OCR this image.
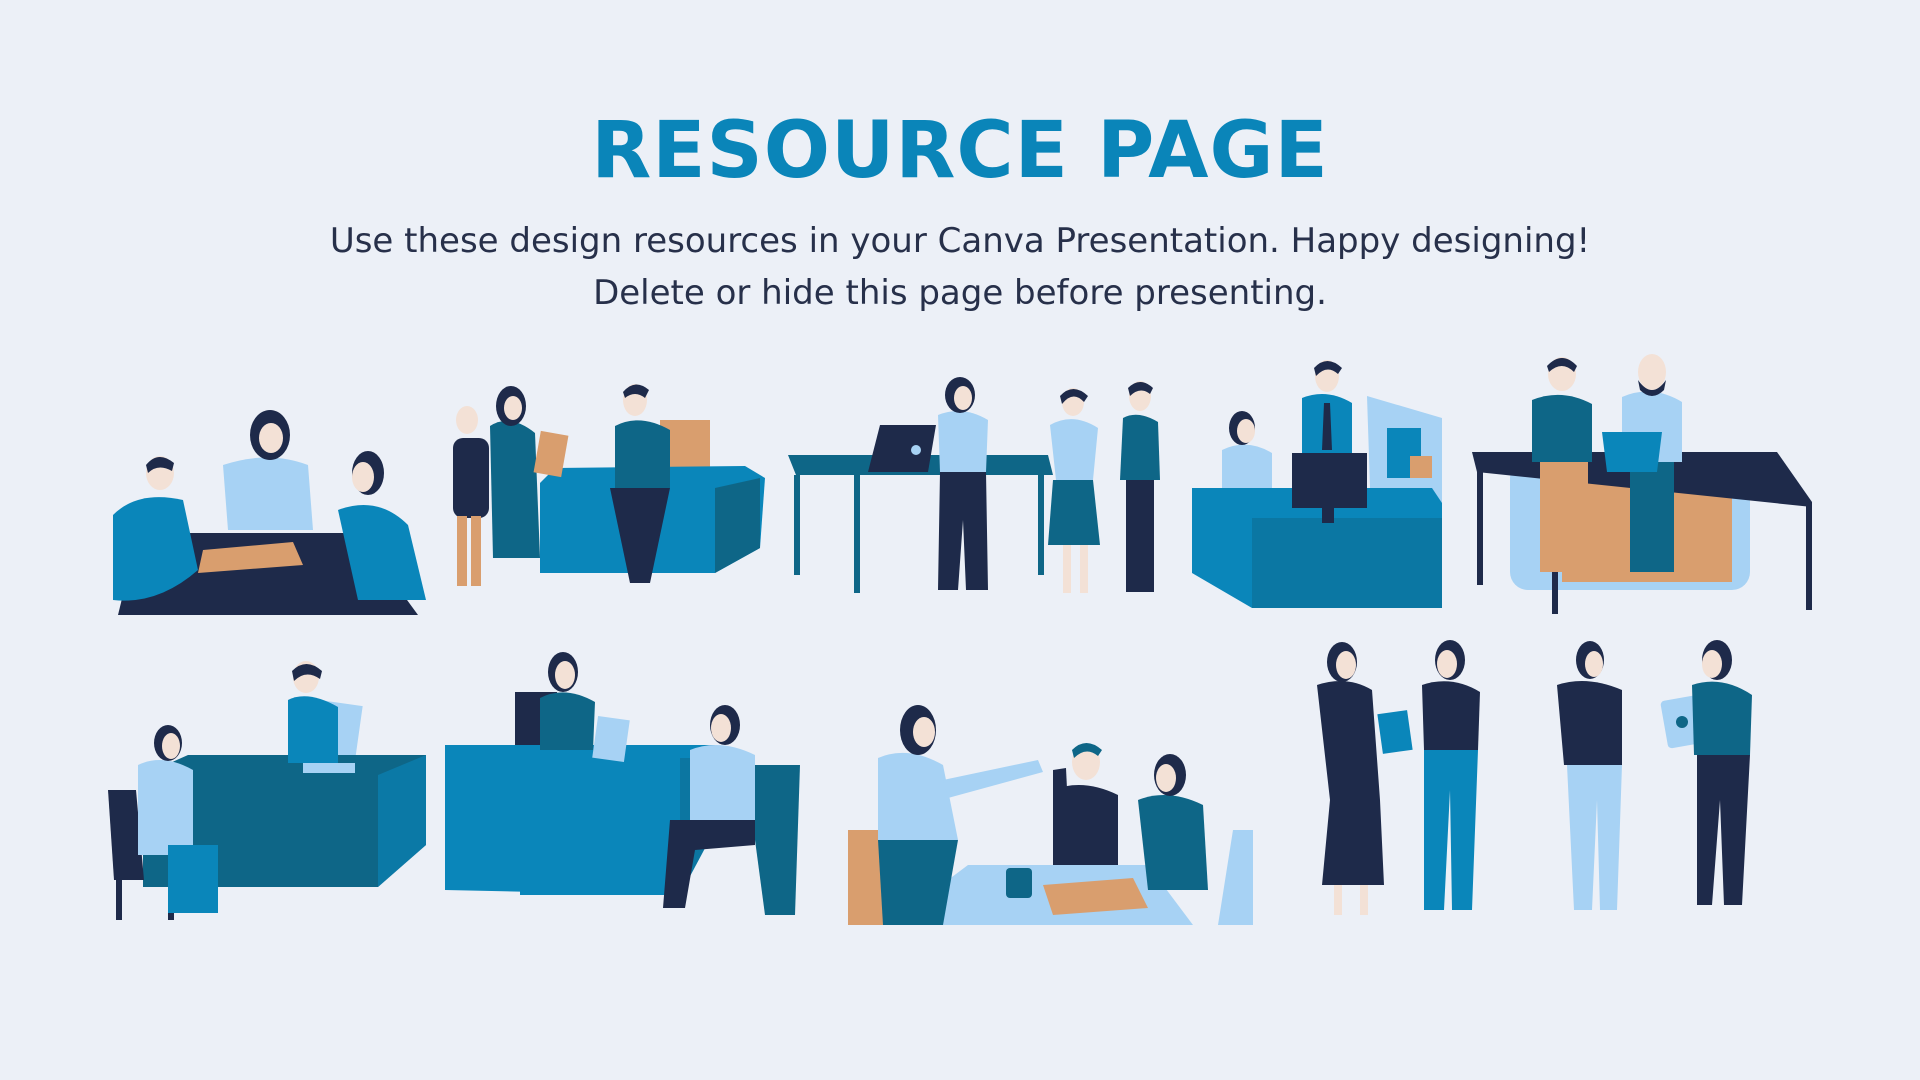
RESOURCE PAGE

Use these design resources in your Canva Presentation. Happy designing!

Delete or hide this page before presenting.
